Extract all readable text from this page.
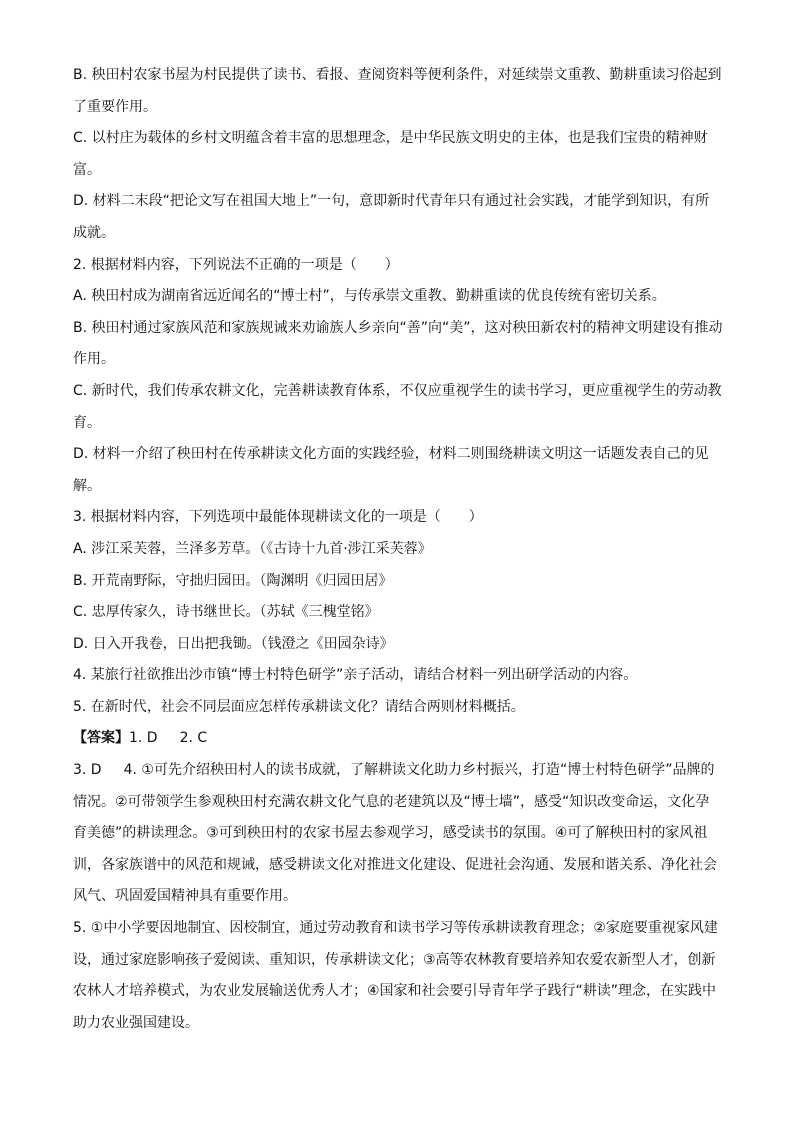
B. 秧田村农家书屋为村民提供了读书、看报、查阅资料等便利条件，对延续崇文重教、勤耕重读习俗起到了重要作用。

C. 以村庄为载体的乡村文明蕴含着丰富的思想理念，是中华民族文明史的主体，也是我们宝贵的精神财富。

D. 材料二末段“把论文写在祖国大地上”一句，意即新时代青年只有通过社会实践，才能学到知识，有所成就。

2. 根据材料内容，下列说法不正确的一项是（　　）

A. 秧田村成为湖南省远近闻名的“博士村”，与传承崇文重教、勤耕重读的优良传统有密切关系。

B. 秧田村通过家族风范和家族规诫来劝谕族人乡亲向“善”向“美”，这对秧田新农村的精神文明建设有推动作用。

C. 新时代，我们传承农耕文化，完善耕读教育体系，不仅应重视学生的读书学习，更应重视学生的劳动教育。

D. 材料一介绍了秧田村在传承耕读文化方面的实践经验，材料二则围绕耕读文明这一话题发表自己的见解。

3. 根据材料内容，下列选项中最能体现耕读文化的一项是（　　）

A. 涉江采芙蓉，兰泽多芳草。（《古诗十九首·涉江采芙蓉》

B. 开荒南野际，守拙归园田。（陶渊明《归园田居》

C. 忠厚传家久，诗书继世长。（苏轼《三槐堂铭》

D. 日入开我卷，日出把我锄。（钱澄之《田园杂诗》

4. 某旅行社欲推出沙市镇“博士村特色研学”亲子活动，请结合材料一列出研学活动的内容。

5. 在新时代，社会不同层面应怎样传承耕读文化？请结合两则材料概括。

【答案】1. D 2. C

3. D 4. ①可先介绍秧田村人的读书成就，了解耕读文化助力乡村振兴，打造“博士村特色研学”品牌的情况。②可带领学生参观秧田村充满农耕文化气息的老建筑以及“博士墙”，感受“知识改变命运，文化孕育美德”的耕读理念。③可到秧田村的农家书屋去参观学习，感受读书的氛围。④可了解秧田村的家风祖训，各家族谱中的风范和规诫，感受耕读文化对推进文化建设、促进社会沟通、发展和谐关系、净化社会风气、巩固爱国精神具有重要作用。

5. ①中小学要因地制宜、因校制宜，通过劳动教育和读书学习等传承耕读教育理念；②家庭要重视家风建设，通过家庭影响孩子爱阅读、重知识，传承耕读文化；③高等农林教育要培养知农爱农新型人才，创新农林人才培养模式，为农业发展输送优秀人才；④国家和社会要引导青年学子践行“耕读”理念，在实践中助力农业强国建设。
